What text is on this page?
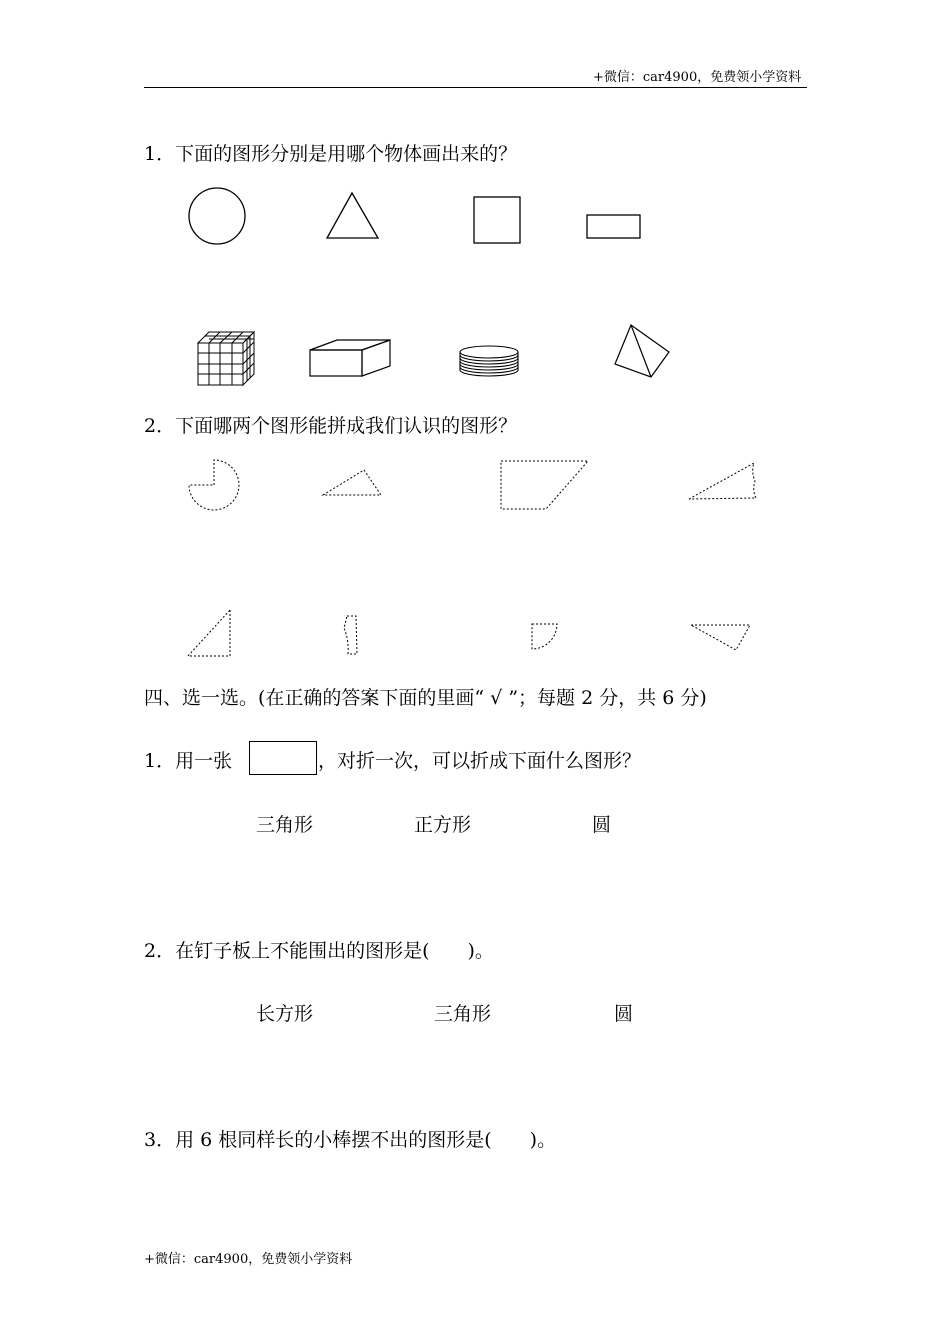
+微信：car4900，免费领小学资料
1．下面的图形分别是用哪个物体画出来的？
2．下面哪两个图形能拼成我们认识的图形？
四、选一选。(在正确的答案下面的里画“ √ ”；每题 2 分，共 6 分)
1．用一张	，对折一次，可以折成下面什么图形？
三角形	正方形	圆
2．在钉子板上不能围出的图形是(　　)。
长方形	三角形	圆
3．用 6 根同样长的小棒摆不出的图形是(　　)。
+微信：car4900，免费领小学资料
